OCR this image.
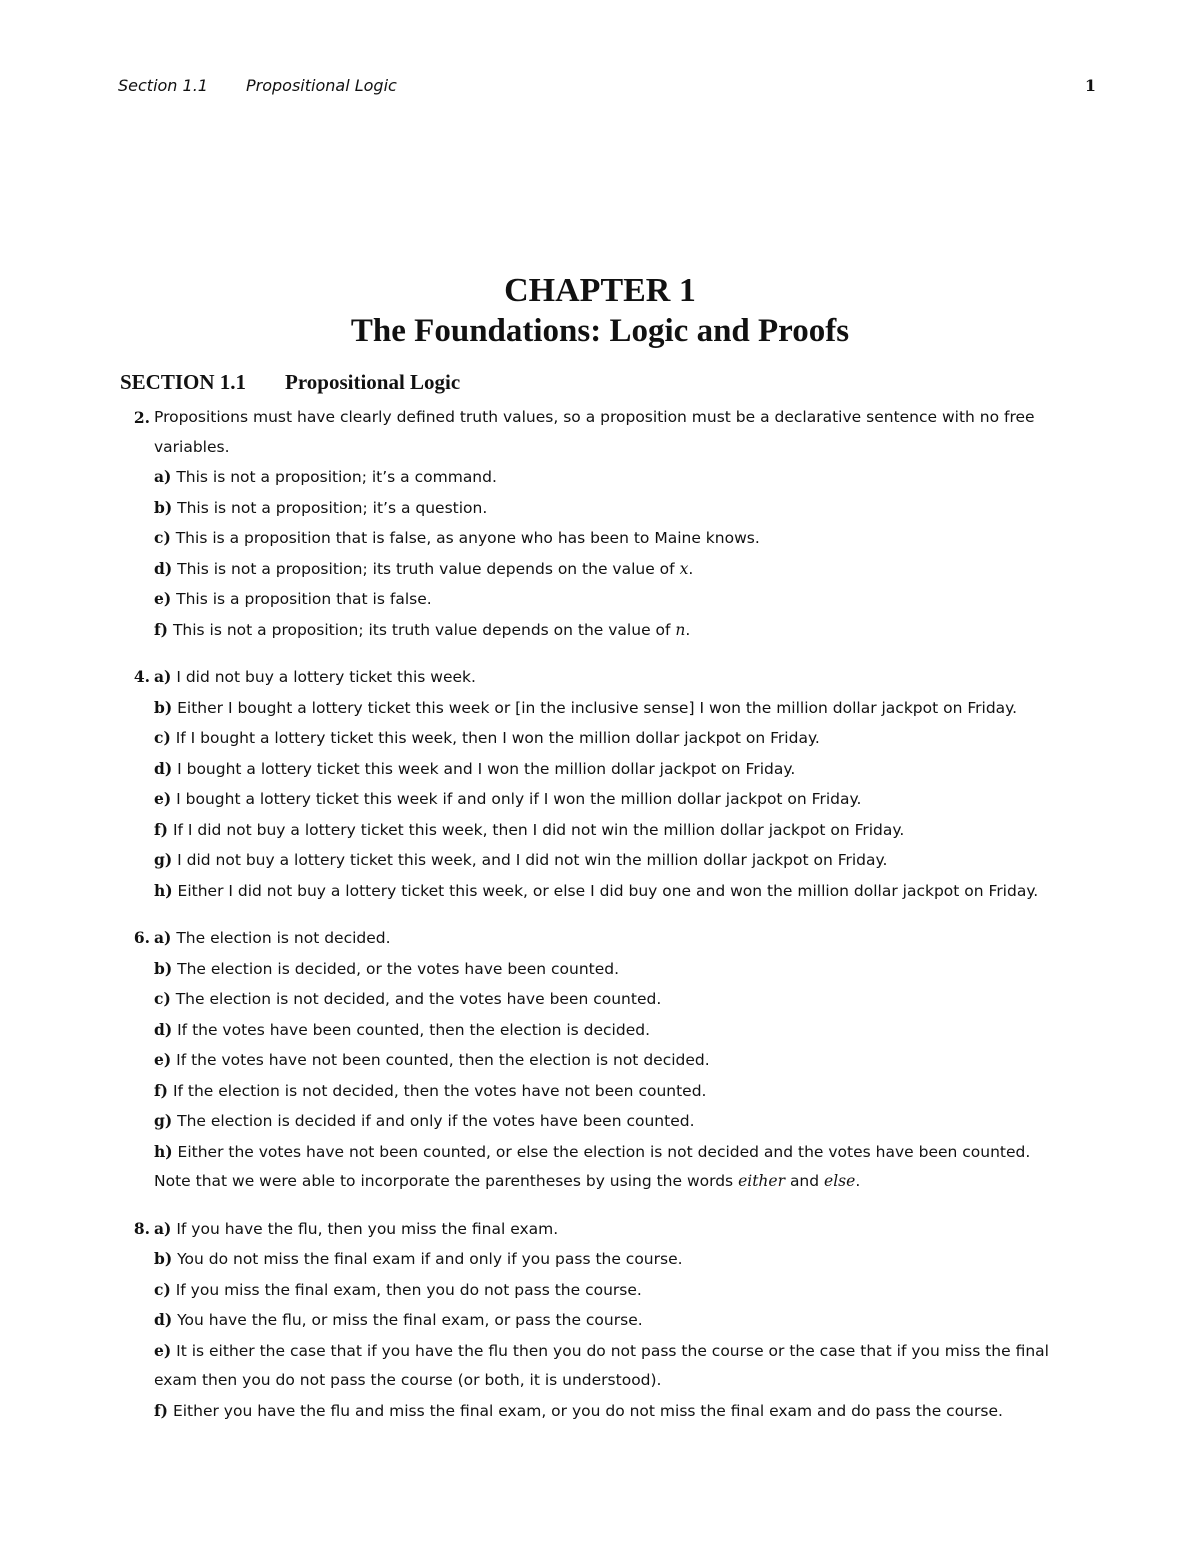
Section 1.1 Propositional Logic	1
CHAPTER 1
The Foundations: Logic and Proofs
SECTION 1.1 Propositional Logic
2. Propositions must have clearly defined truth values, so a proposition must be a declarative sentence with no free variables.
a) This is not a proposition; it’s a command.
b) This is not a proposition; it’s a question.
c) This is a proposition that is false, as anyone who has been to Maine knows.
d) This is not a proposition; its truth value depends on the value of x.
e) This is a proposition that is false.
f) This is not a proposition; its truth value depends on the value of n.
4. a) I did not buy a lottery ticket this week.
b) Either I bought a lottery ticket this week or [in the inclusive sense] I won the million dollar jackpot on Friday.
c) If I bought a lottery ticket this week, then I won the million dollar jackpot on Friday.
d) I bought a lottery ticket this week and I won the million dollar jackpot on Friday.
e) I bought a lottery ticket this week if and only if I won the million dollar jackpot on Friday.
f) If I did not buy a lottery ticket this week, then I did not win the million dollar jackpot on Friday.
g) I did not buy a lottery ticket this week, and I did not win the million dollar jackpot on Friday.
h) Either I did not buy a lottery ticket this week, or else I did buy one and won the million dollar jackpot on Friday.
6. a) The election is not decided.
b) The election is decided, or the votes have been counted.
c) The election is not decided, and the votes have been counted.
d) If the votes have been counted, then the election is decided.
e) If the votes have not been counted, then the election is not decided.
f) If the election is not decided, then the votes have not been counted.
g) The election is decided if and only if the votes have been counted.
h) Either the votes have not been counted, or else the election is not decided and the votes have been counted.
Note that we were able to incorporate the parentheses by using the words either and else.
8. a) If you have the flu, then you miss the final exam.
b) You do not miss the final exam if and only if you pass the course.
c) If you miss the final exam, then you do not pass the course.
d) You have the flu, or miss the final exam, or pass the course.
e) It is either the case that if you have the flu then you do not pass the course or the case that if you miss the final exam then you do not pass the course (or both, it is understood).
f) Either you have the flu and miss the final exam, or you do not miss the final exam and do pass the course.
